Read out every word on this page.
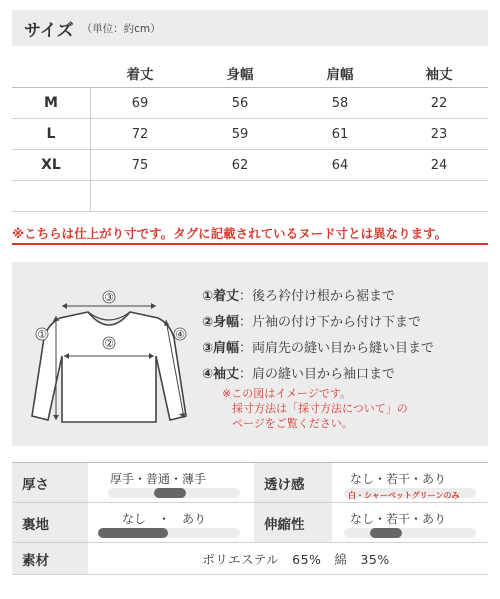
サイズ （単位：約cm）
着丈	身幅	肩幅	袖丈
M	69	56	58	22
L	72	59	61	23
XL	75	62	64	24
※こちらは仕上がり寸です。タグに記載されているヌード寸とは異なります。
③
②
①	④
①着丈：後ろ衿付け根から裾まで
②身幅：片袖の付け下から付け下まで
③肩幅：両肩先の縫い目から縫い目まで
④袖丈：肩の縫い目から袖口まで
※この図はイメージです。
採寸方法は「採寸方法について」の
ページをご覧ください。
厚さ	厚手・普通・薄手	透け感	なし・若干・あり
白・シャーベットグリーンのみ
裏地	なし　・　あり	伸縮性	なし・若干・あり
素材	ポリエステル　65%　綿　35%
